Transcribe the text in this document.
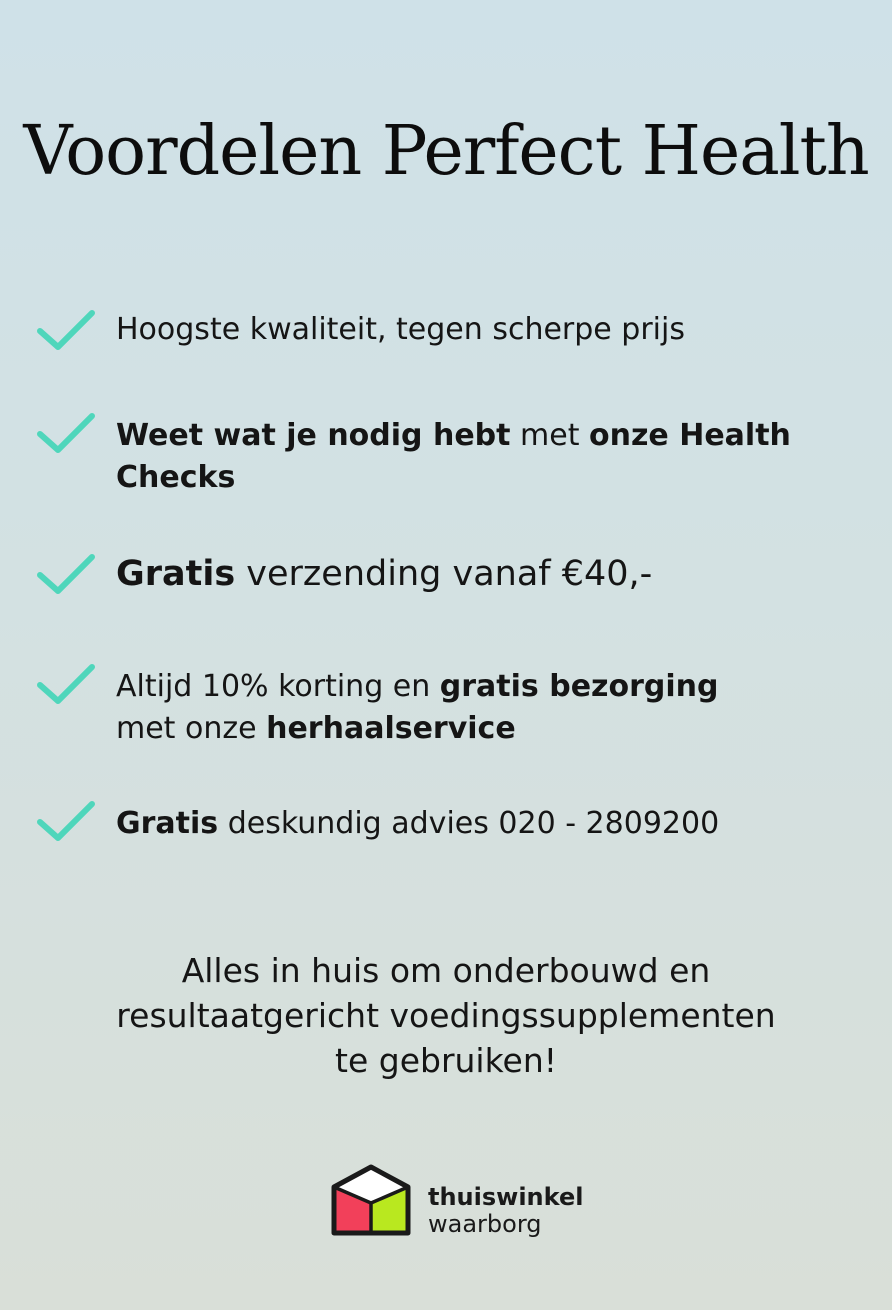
Voordelen Perfect Health
Hoogste kwaliteit, tegen scherpe prijs
Weet wat je nodig hebt met onze Health Checks
Gratis verzending vanaf €40,-
Altijd 10% korting en gratis bezorging
met onze herhaalservice
Gratis deskundig advies 020 - 2809200

Alles in huis om onderbouwd en
resultaatgericht voedingssupplementen
te gebruiken!

thuiswinkel
waarborg
